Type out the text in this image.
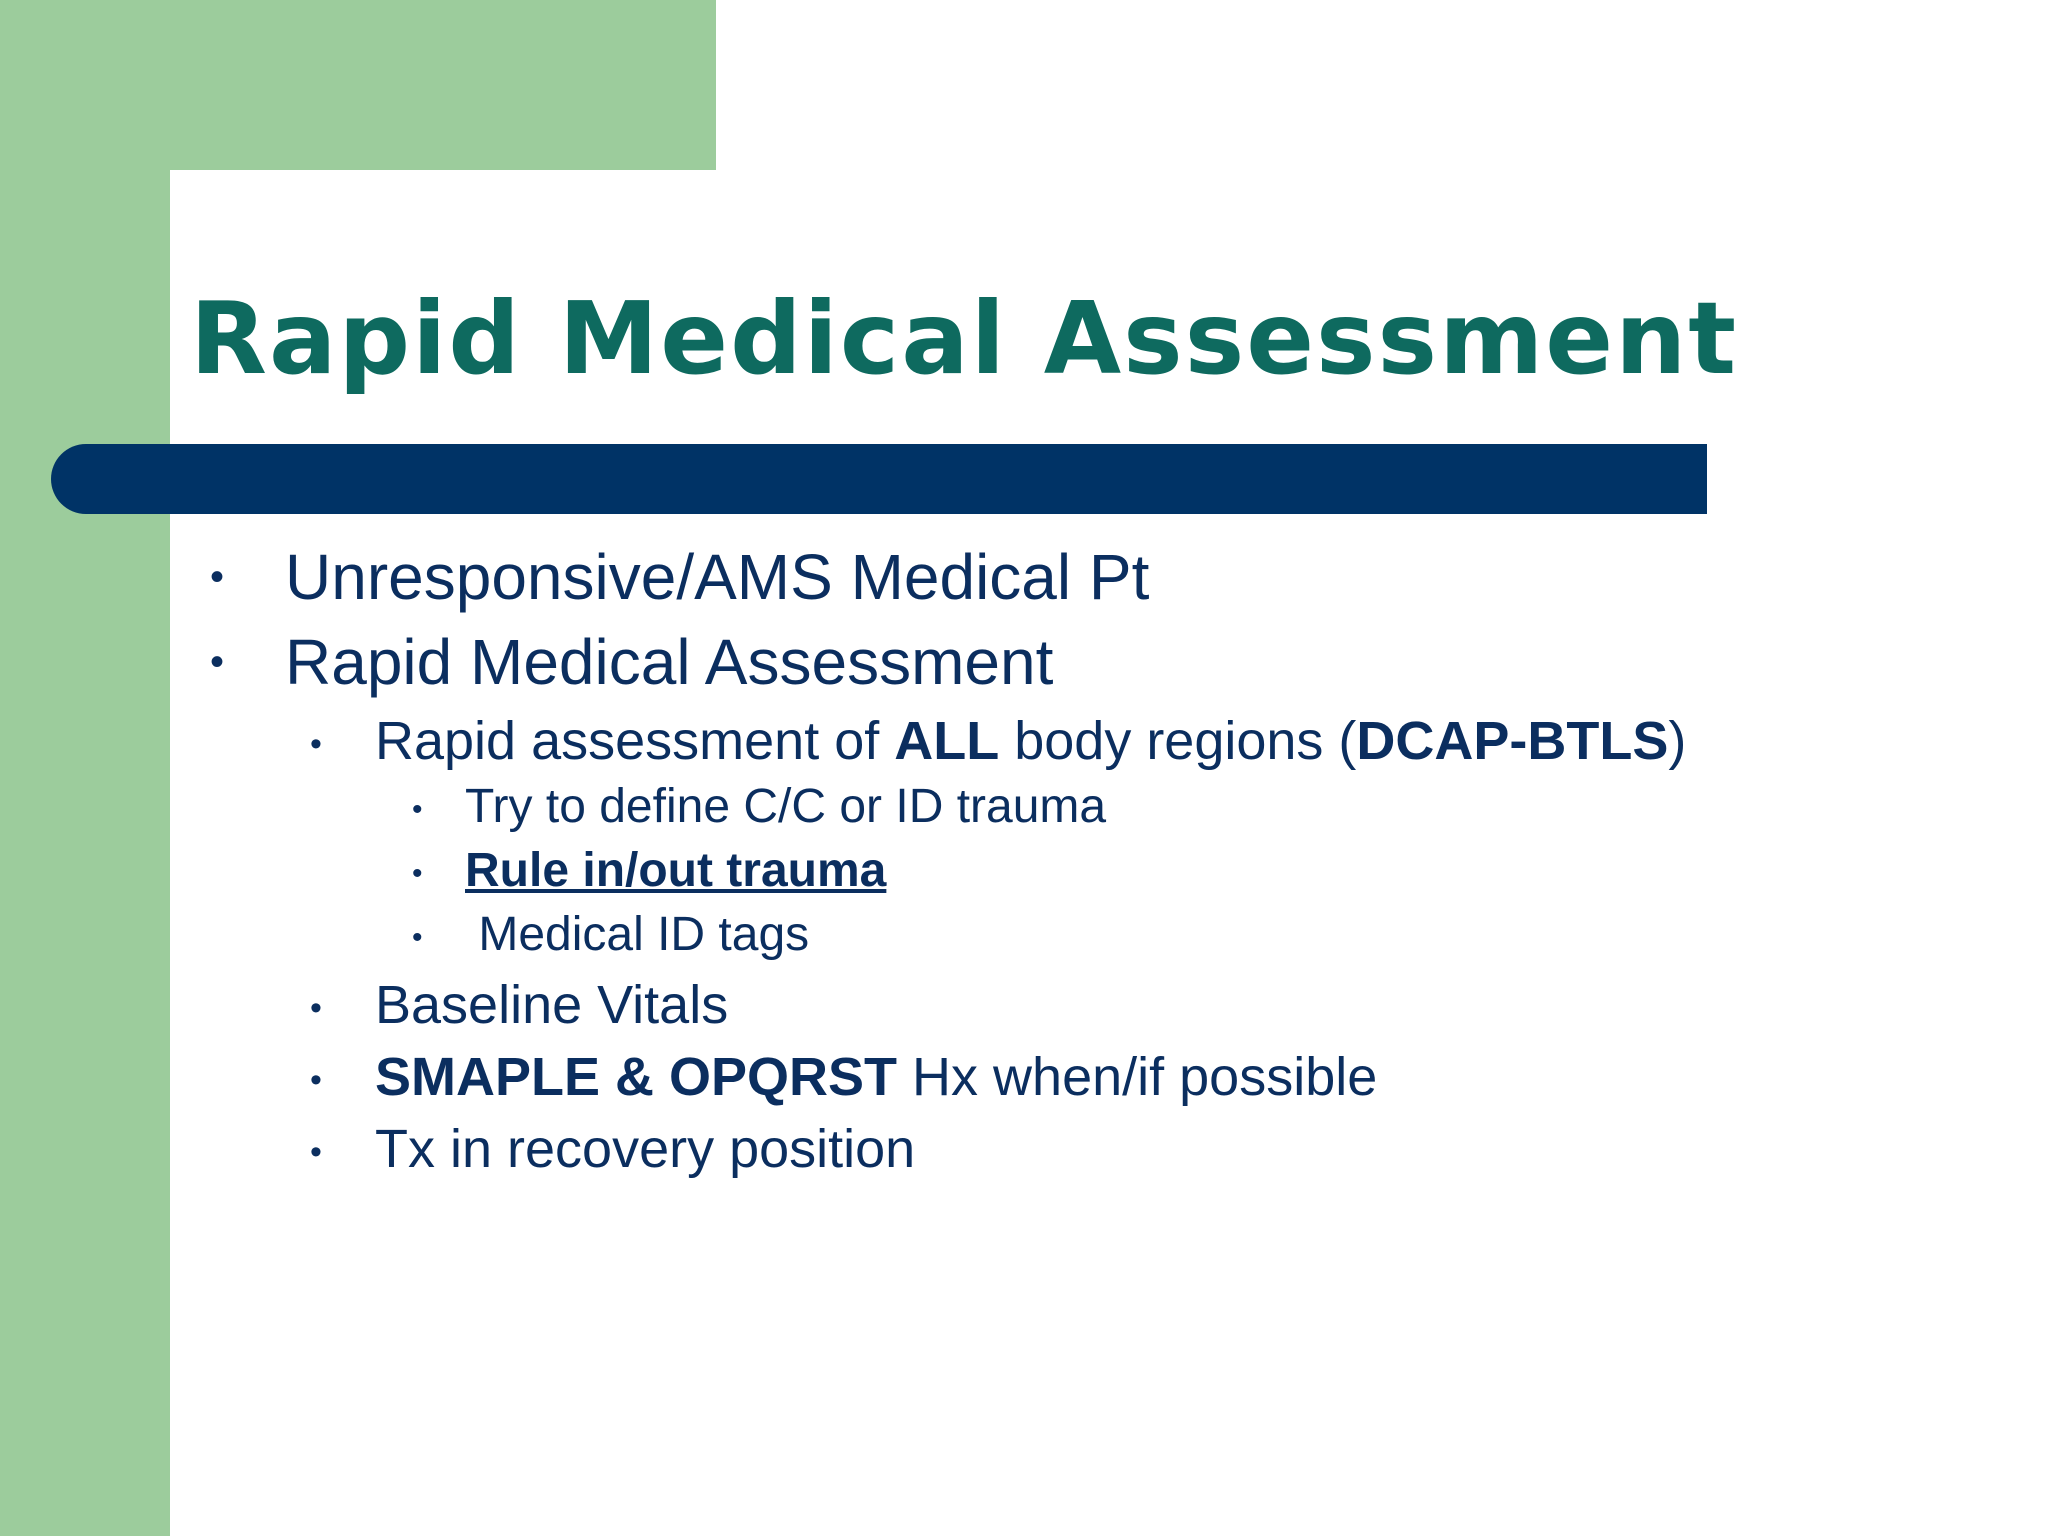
Rapid Medical Assessment
• Unresponsive/AMS Medical Pt
• Rapid Medical Assessment
• Rapid assessment of ALL body regions (DCAP-BTLS)
• Try to define C/C or ID trauma
• Rule in/out trauma
• Medical ID tags
• Baseline Vitals
• SMAPLE & OPQRST Hx when/if possible
• Tx in recovery position
